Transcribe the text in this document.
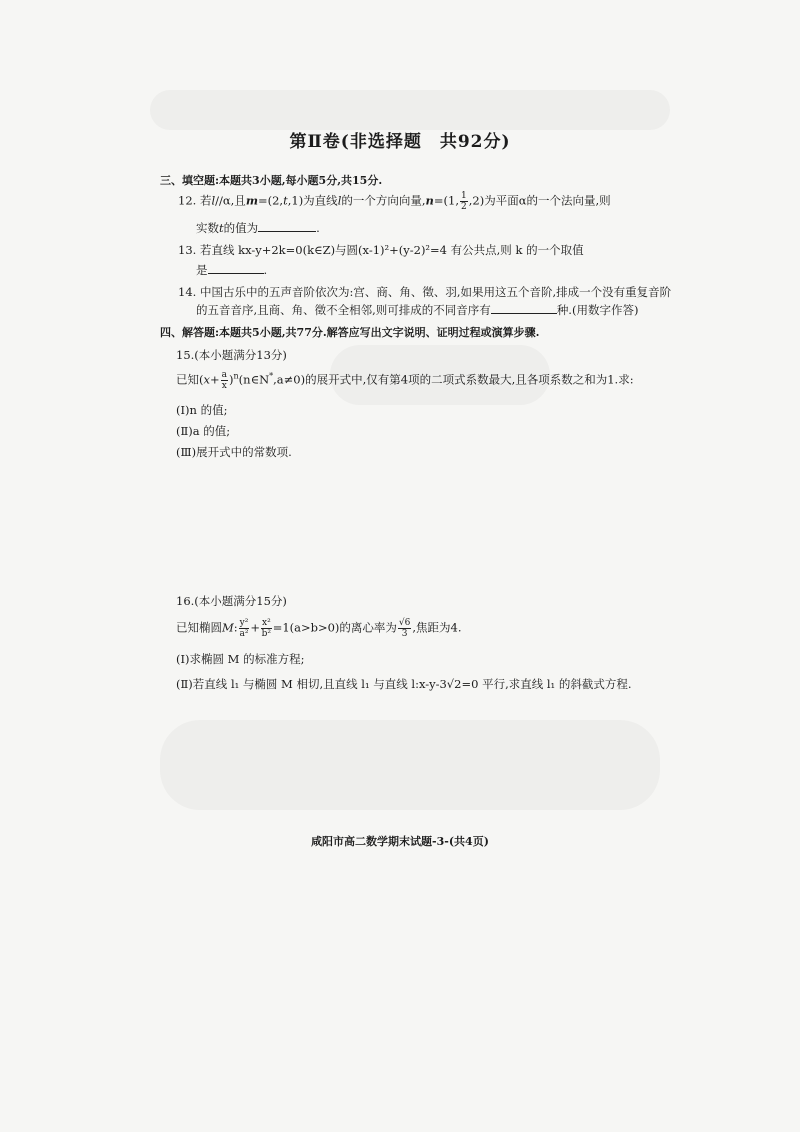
第Ⅱ卷(非选择题　共92分)
三、填空题:本题共3小题,每小题5分,共15分.
12. 若l//α,且m=(2,t,1)为直线l的一个方向向量,n=(1, $\frac{1}{2} ,2$)为平面α的一个法向量,则
实数t的值为	.
13. 若直线 kx-y+2k=0(k∈Z)与圆(x-1)²+(y-2)²=4 有公共点,则 k 的一个取值
是	.
14. 中国古乐中的五声音阶依次为:宫、商、角、徵、羽,如果用这五个音阶,排成一个没有重复音阶
的五音音序,且商、角、徵不全相邻,则可排成的不同音序有	种.(用数字作答)
四、解答题:本题共5小题,共77分.解答应写出文字说明、证明过程或演算步骤.
15.(本小题满分13分)
已知($x+ \frac{a}{x}$ )$^n(n\in N^*,a\ne 0)$的展开式中,仅有第4项的二项式系数最大,且各项系数之和为1.求:
(Ⅰ)n 的值;
(Ⅱ)a 的值;
(Ⅲ)展开式中的常数项.
16.(本小题满分15分)
已知椭圆M: $\frac{\text{y²}}{\text{a²}} + \frac{\text{x²}}{\text{b²}} =1(a>b>0)$的离心率为 $\frac{√6}{3}$ ,焦距为4.
(Ⅰ)求椭圆 M 的标准方程;
(Ⅱ)若直线 l₁ 与椭圆 M 相切,且直线 l₁ 与直线 l:x-y-3√2=0 平行,求直线 l₁ 的斜截式方程.
咸阳市高二数学期末试题-3-(共4页)
